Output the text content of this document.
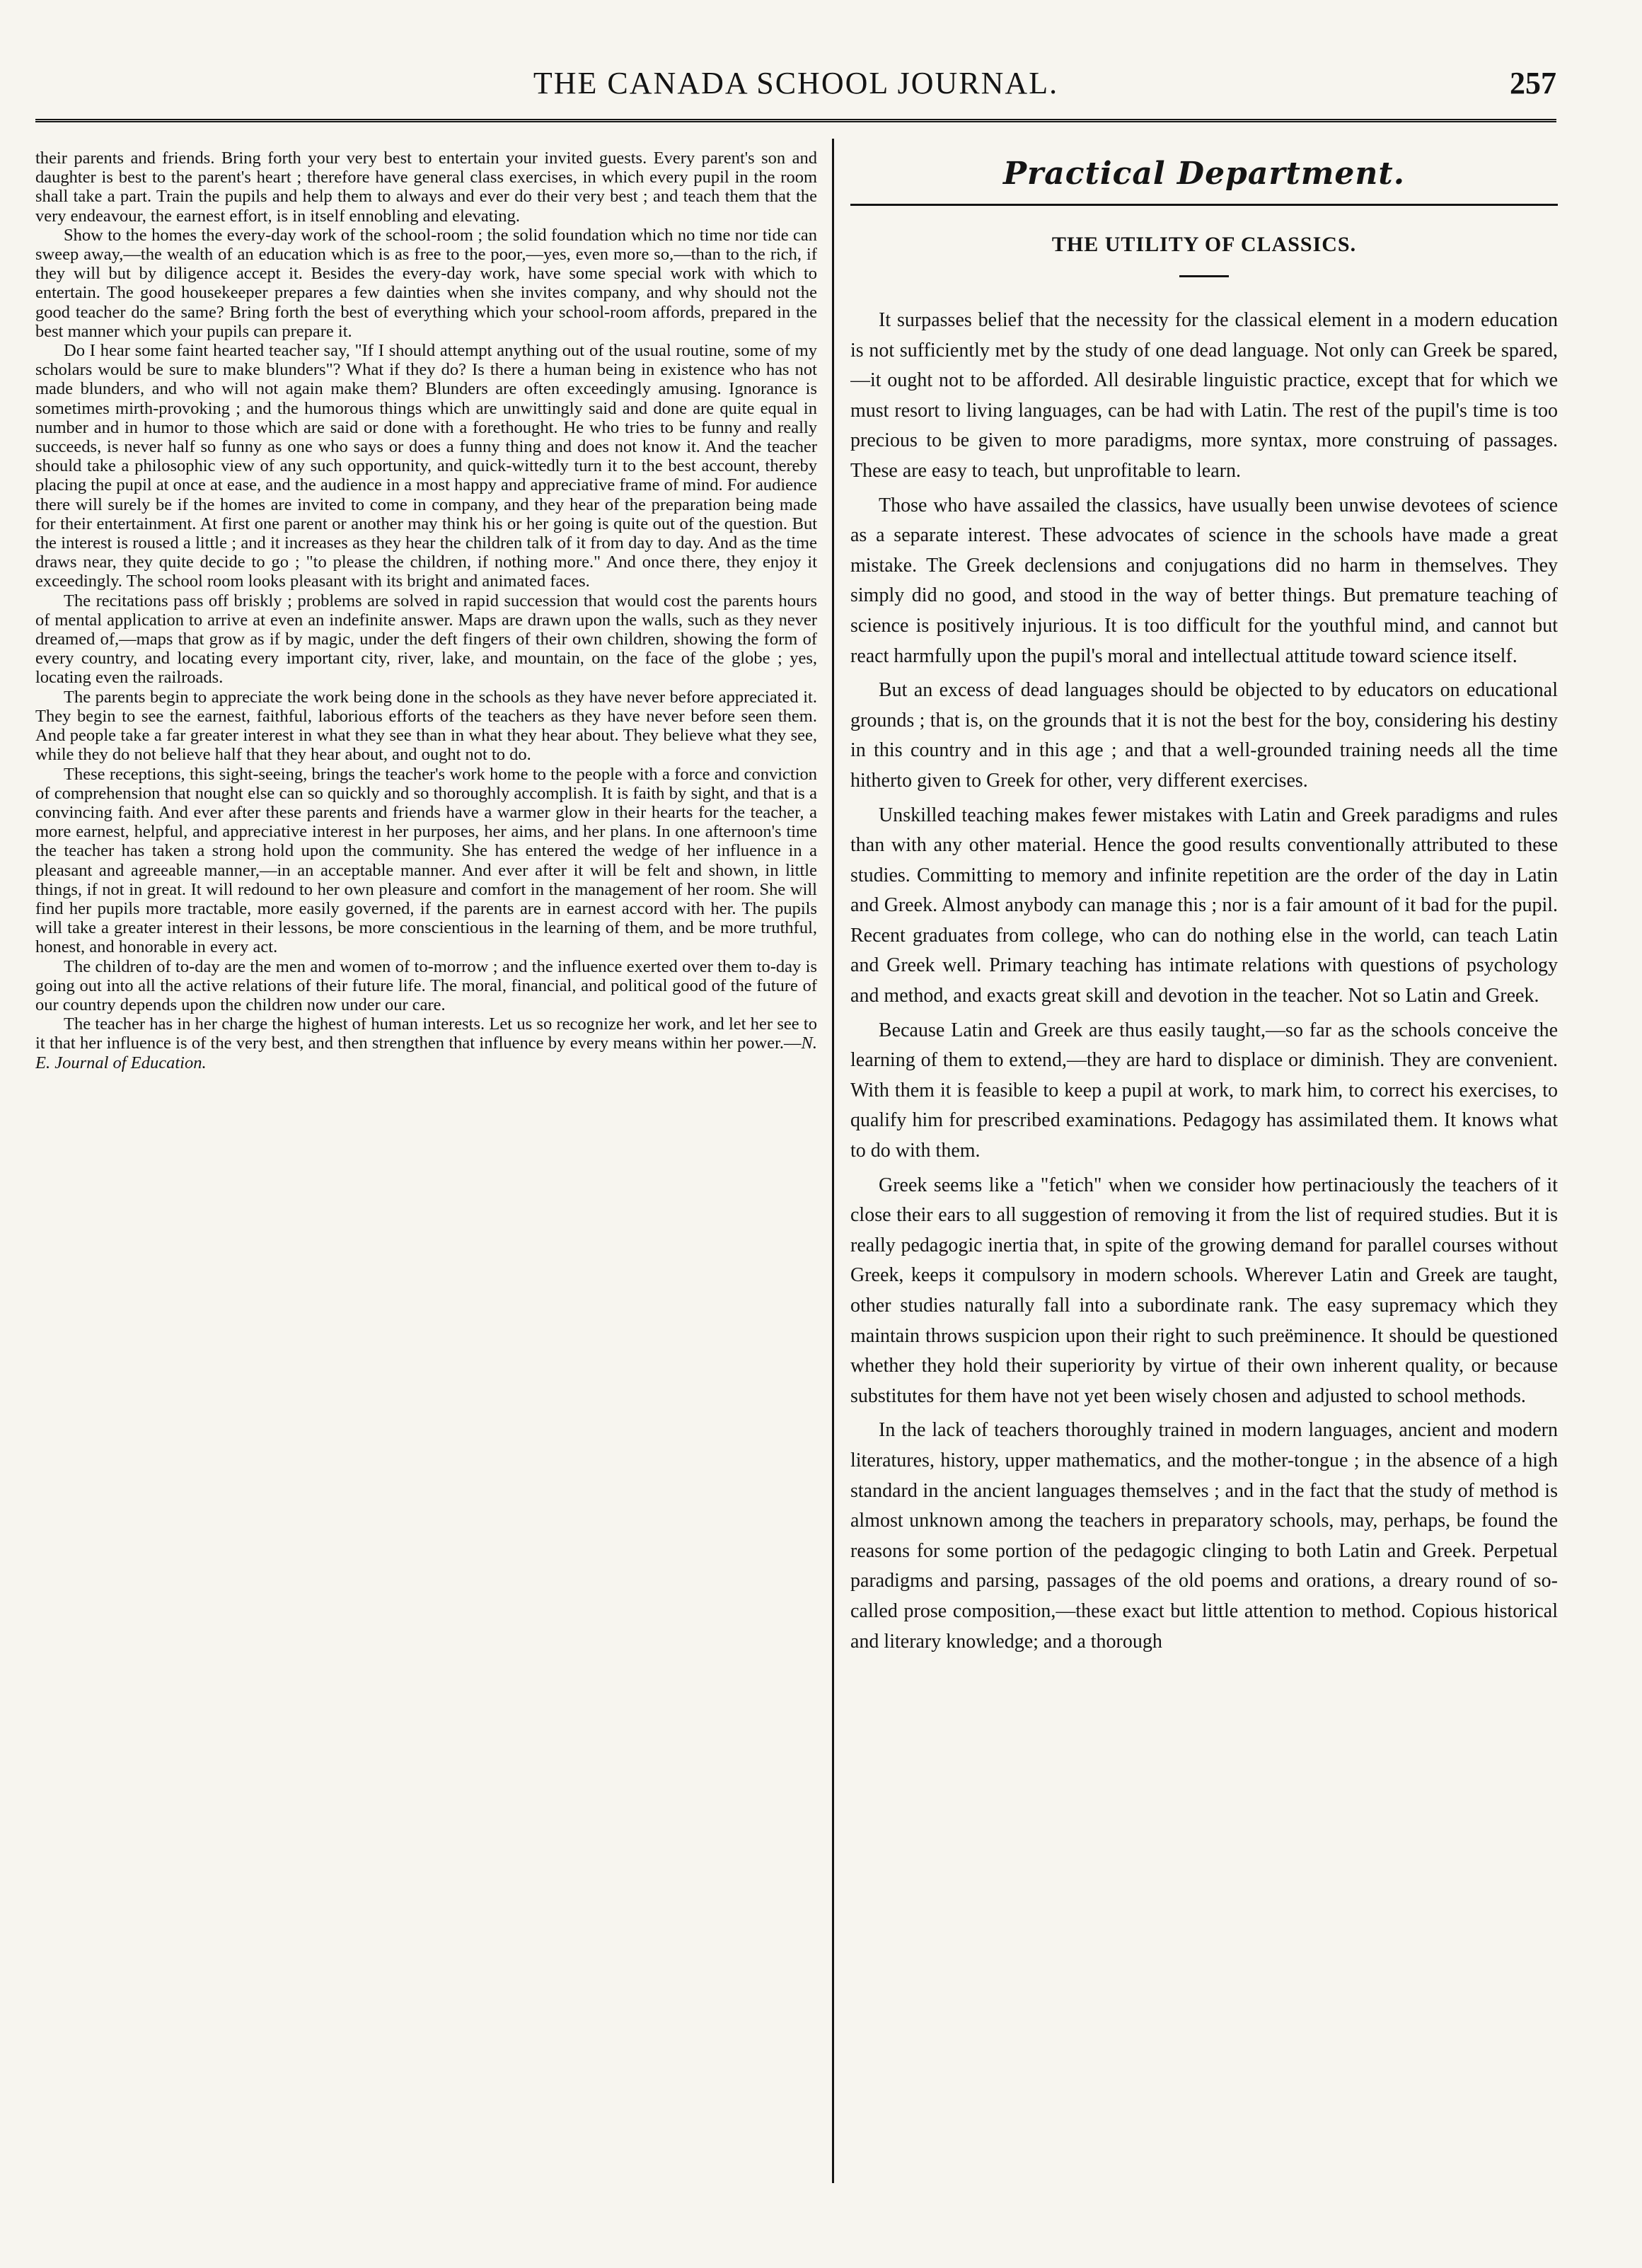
THE CANADA SCHOOL JOURNAL.	257

their parents and friends. Bring forth your very best to entertain your invited guests. Every parent's son and daughter is best to the parent's heart ; therefore have general class exercises, in which every pupil in the room shall take a part. Train the pupils and help them to always and ever do their very best ; and teach them that the very endeavour, the earnest effort, is in itself ennobling and elevating.

Show to the homes the every-day work of the school-room ; the solid foundation which no time nor tide can sweep away,—the wealth of an education which is as free to the poor,—yes, even more so,—than to the rich, if they will but by diligence accept it. Besides the every-day work, have some special work with which to entertain. The good housekeeper prepares a few dainties when she invites company, and why should not the good teacher do the same? Bring forth the best of everything which your school-room affords, prepared in the best manner which your pupils can prepare it.

Do I hear some faint hearted teacher say, "If I should attempt anything out of the usual routine, some of my scholars would be sure to make blunders"? What if they do? Is there a human being in existence who has not made blunders, and who will not again make them? Blunders are often exceedingly amusing. Ignorance is sometimes mirth-provoking ; and the humorous things which are unwittingly said and done are quite equal in number and in humor to those which are said or done with a forethought. He who tries to be funny and really succeeds, is never half so funny as one who says or does a funny thing and does not know it. And the teacher should take a philosophic view of any such opportunity, and quick-wittedly turn it to the best account, thereby placing the pupil at once at ease, and the audience in a most happy and appreciative frame of mind. For audience there will surely be if the homes are invited to come in company, and they hear of the preparation being made for their entertainment. At first one parent or another may think his or her going is quite out of the question. But the interest is roused a little ; and it increases as they hear the children talk of it from day to day. And as the time draws near, they quite decide to go ; "to please the children, if nothing more." And once there, they enjoy it exceedingly. The school room looks pleasant with its bright and animated faces.

The recitations pass off briskly ; problems are solved in rapid succession that would cost the parents hours of mental application to arrive at even an indefinite answer. Maps are drawn upon the walls, such as they never dreamed of,—maps that grow as if by magic, under the deft fingers of their own children, showing the form of every country, and locating every important city, river, lake, and mountain, on the face of the globe ; yes, locating even the railroads.

The parents begin to appreciate the work being done in the schools as they have never before appreciated it. They begin to see the earnest, faithful, laborious efforts of the teachers as they have never before seen them. And people take a far greater interest in what they see than in what they hear about. They believe what they see, while they do not believe half that they hear about, and ought not to do.

These receptions, this sight-seeing, brings the teacher's work home to the people with a force and conviction of comprehension that nought else can so quickly and so thoroughly accomplish. It is faith by sight, and that is a convincing faith. And ever after these parents and friends have a warmer glow in their hearts for the teacher, a more earnest, helpful, and appreciative interest in her purposes, her aims, and her plans. In one afternoon's time the teacher has taken a strong hold upon the community. She has entered the wedge of her influence in a pleasant and agreeable manner,—in an acceptable manner. And ever after it will be felt and shown, in little things, if not in great. It will redound to her own pleasure and comfort in the management of her room. She will find her pupils more tractable, more easily governed, if the parents are in earnest accord with her. The pupils will take a greater interest in their lessons, be more conscientious in the learning of them, and be more truthful, honest, and honorable in every act.

The children of to-day are the men and women of to-morrow ; and the influence exerted over them to-day is going out into all the active relations of their future life. The moral, financial, and political good of the future of our country depends upon the children now under our care.

The teacher has in her charge the highest of human interests. Let us so recognize her work, and let her see to it that her influence is of the very best, and then strengthen that influence by every means within her power.—N. E. Journal of Education.

Practical Department.
THE UTILITY OF CLASSICS.

It surpasses belief that the necessity for the classical element in a modern education is not sufficiently met by the study of one dead language. Not only can Greek be spared,—it ought not to be afforded. All desirable linguistic practice, except that for which we must resort to living languages, can be had with Latin. The rest of the pupil's time is too precious to be given to more paradigms, more syntax, more construing of passages. These are easy to teach, but unprofitable to learn.

Those who have assailed the classics, have usually been unwise devotees of science as a separate interest. These advocates of science in the schools have made a great mistake. The Greek declensions and conjugations did no harm in themselves. They simply did no good, and stood in the way of better things. But premature teaching of science is positively injurious. It is too difficult for the youthful mind, and cannot but react harmfully upon the pupil's moral and intellectual attitude toward science itself.

But an excess of dead languages should be objected to by educators on educational grounds ; that is, on the grounds that it is not the best for the boy, considering his destiny in this country and in this age ; and that a well-grounded training needs all the time hitherto given to Greek for other, very different exercises.

Unskilled teaching makes fewer mistakes with Latin and Greek paradigms and rules than with any other material. Hence the good results conventionally attributed to these studies. Committing to memory and infinite repetition are the order of the day in Latin and Greek. Almost anybody can manage this ; nor is a fair amount of it bad for the pupil. Recent graduates from college, who can do nothing else in the world, can teach Latin and Greek well. Primary teaching has intimate relations with questions of psychology and method, and exacts great skill and devotion in the teacher. Not so Latin and Greek.

Because Latin and Greek are thus easily taught,—so far as the schools conceive the learning of them to extend,—they are hard to displace or diminish. They are convenient. With them it is feasible to keep a pupil at work, to mark him, to correct his exercises, to qualify him for prescribed examinations. Pedagogy has assimilated them. It knows what to do with them.

Greek seems like a "fetich" when we consider how pertinaciously the teachers of it close their ears to all suggestion of removing it from the list of required studies. But it is really pedagogic inertia that, in spite of the growing demand for parallel courses without Greek, keeps it compulsory in modern schools. Wherever Latin and Greek are taught, other studies naturally fall into a subordinate rank. The easy supremacy which they maintain throws suspicion upon their right to such preëminence. It should be questioned whether they hold their superiority by virtue of their own inherent quality, or because substitutes for them have not yet been wisely chosen and adjusted to school methods.

In the lack of teachers thoroughly trained in modern languages, ancient and modern literatures, history, upper mathematics, and the mother-tongue ; in the absence of a high standard in the ancient languages themselves ; and in the fact that the study of method is almost unknown among the teachers in preparatory schools, may, perhaps, be found the reasons for some portion of the pedagogic clinging to both Latin and Greek. Perpetual paradigms and parsing, passages of the old poems and orations, a dreary round of so-called prose composition,—these exact but little attention to method. Copious historical and literary knowledge; and a thorough
